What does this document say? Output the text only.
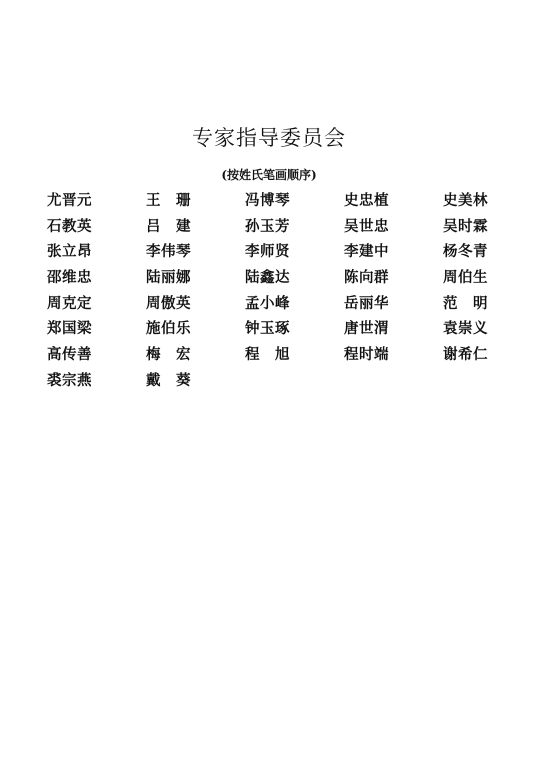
专家指导委员会

(按姓氏笔画顺序)

尤晋元	王　珊	冯博琴	史忠植	史美林
石教英	吕　建	孙玉芳	吴世忠	吴时霖
张立昂	李伟琴	李师贤	李建中	杨冬青
邵维忠	陆丽娜	陆鑫达	陈向群	周伯生
周克定	周傲英	孟小峰	岳丽华	范　明
郑国梁	施伯乐	钟玉琢	唐世渭	袁崇义
高传善	梅　宏	程　旭	程时端	谢希仁
裘宗燕	戴　葵
